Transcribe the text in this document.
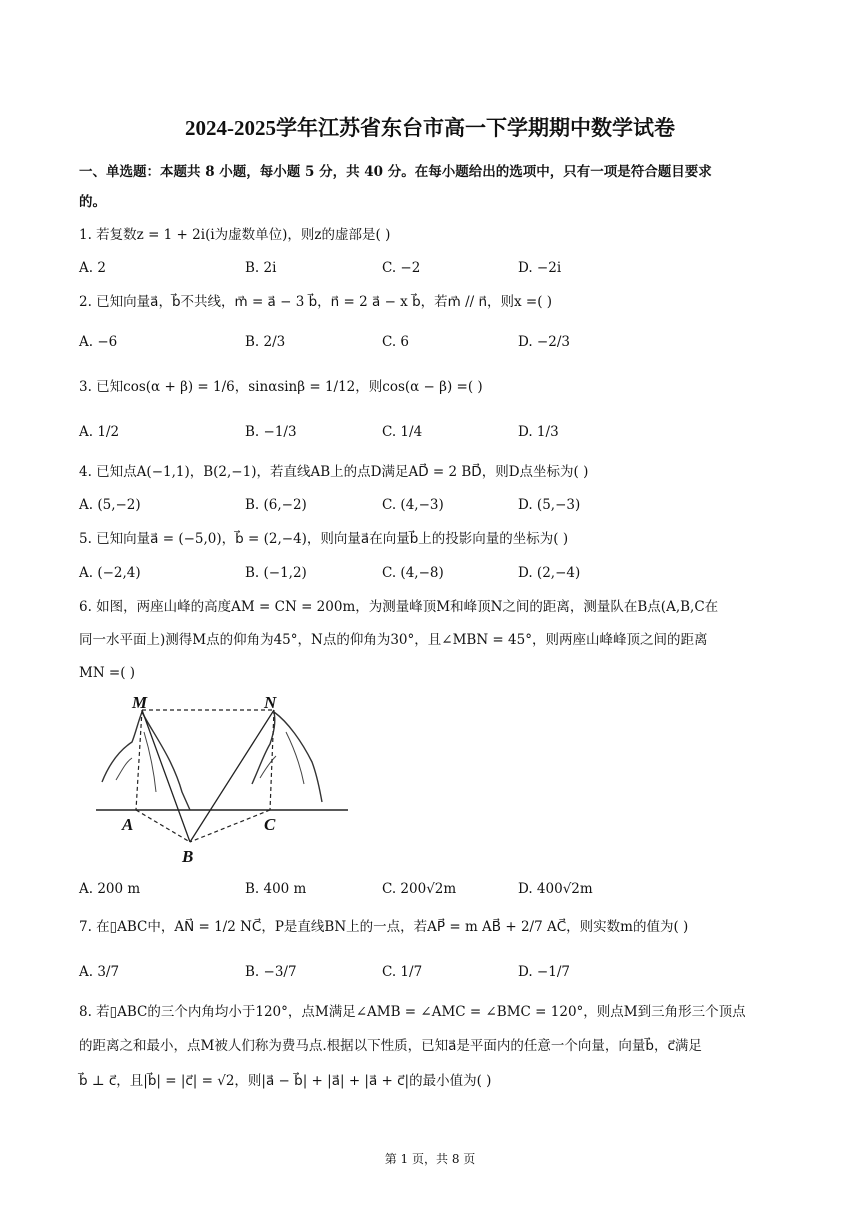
2024-2025学年江苏省东台市高一下学期期中数学试卷
一、单选题：本题共 8 小题，每小题 5 分，共 40 分。在每小题给出的选项中，只有一项是符合题目要求
的。
1. 若复数z = 1 + 2i(i为虚数单位)，则z的虚部是( )
A. 2	B. 2i	C. −2	D. −2i
2. 已知向量a⃗，b⃗不共线，m⃗ = a⃗ − 3 b⃗，n⃗ = 2 a⃗ − x b⃗，若m⃗ // n⃗，则x =( )
A. −6	B. 2/3	C. 6	D. −2/3
3. 已知cos(α + β) = 1/6，sinαsinβ = 1/12，则cos(α − β) =( )
A. 1/2	B. −1/3	C. 1/4	D. 1/3
4. 已知点A(−1,1)，B(2,−1)，若直线AB上的点D满足AD⃗ = 2 BD⃗，则D点坐标为( )
A. (5,−2)	B. (6,−2)	C. (4,−3)	D. (5,−3)
5. 已知向量a⃗ = (−5,0)，b⃗ = (2,−4)，则向量a⃗在向量b⃗上的投影向量的坐标为( )
A. (−2,4)	B. (−1,2)	C. (4,−8)	D. (2,−4)
6. 如图，两座山峰的高度AM = CN = 200m，为测量峰顶M和峰顶N之间的距离，测量队在B点(A,B,C在
同一水平面上)测得M点的仰角为45°，N点的仰角为30°，且∠MBN = 45°，则两座山峰峰顶之间的距离
MN =( )
M	N
A	C
B
A. 200 m	B. 400 m	C. 200√2m	D. 400√2m
7. 在▯ABC中，AN⃗ = 1/2 NC⃗，P是直线BN上的一点，若AP⃗ = m AB⃗ + 2/7 AC⃗，则实数m的值为( )
A. 3/7	B. −3/7	C. 1/7	D. −1/7
8. 若▯ABC的三个内角均小于120°，点M满足∠AMB = ∠AMC = ∠BMC = 120°，则点M到三角形三个顶点
的距离之和最小，点M被人们称为费马点.根据以下性质，已知a⃗是平面内的任意一个向量，向量b⃗，c⃗满足
b⃗ ⊥ c⃗，且|b⃗| = |c⃗| = √2，则|a⃗ − b⃗| + |a⃗| + |a⃗ + c⃗|的最小值为( )
第 1 页，共 8 页
